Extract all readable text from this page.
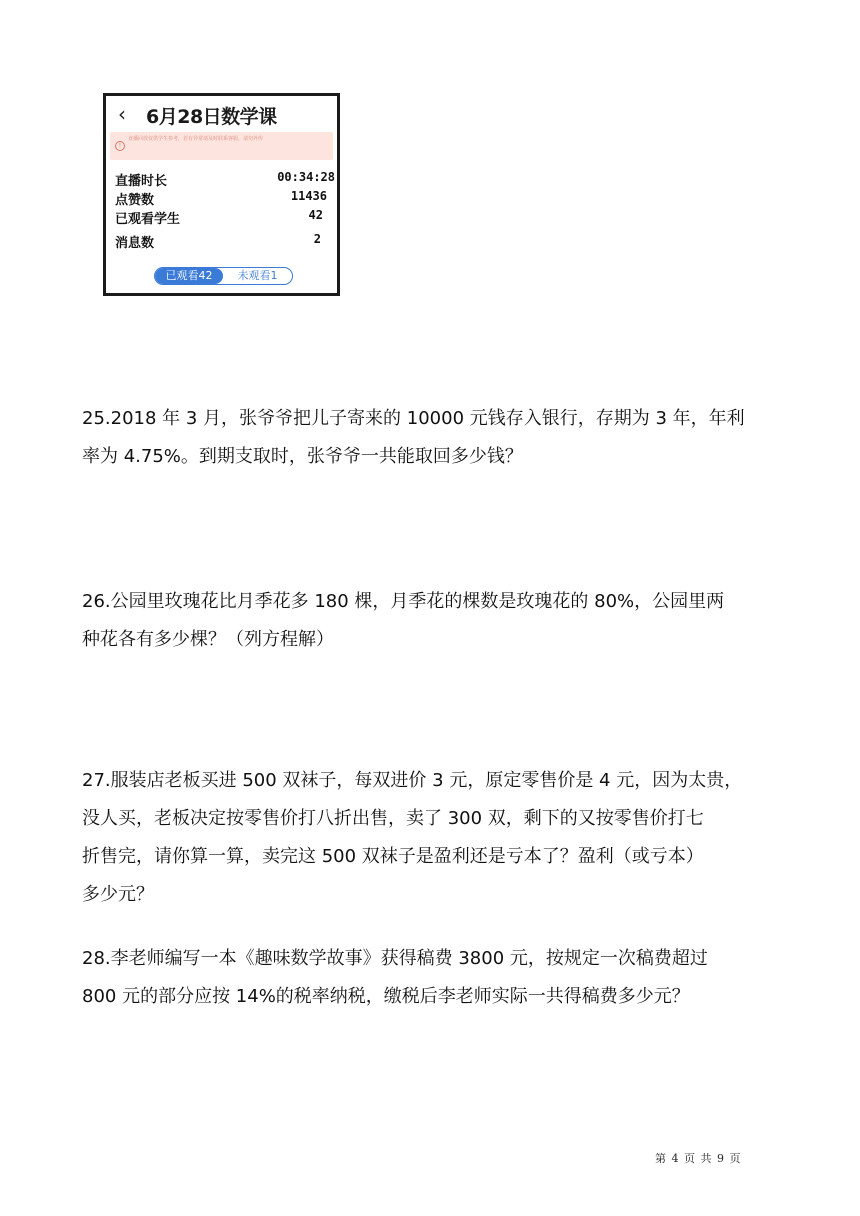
‹ 6月28日数学课
!
直播回放仅供学生参考，若有异常请及时联系客服，请勿外传
直播时长	00:34:28
点赞数	11436
已观看学生	42
消息数	2
已观看42	未观看1
25.2018 年 3 月，张爷爷把儿子寄来的 10000 元钱存入银行，存期为 3 年，年利
率为 4.75%。到期支取时，张爷爷一共能取回多少钱？
26.公园里玫瑰花比月季花多 180 棵，月季花的棵数是玫瑰花的 80%，公园里两
种花各有多少棵？（列方程解）
27.服装店老板买进 500 双袜子，每双进价 3 元，原定零售价是 4 元，因为太贵，
没人买，老板决定按零售价打八折出售，卖了 300 双，剩下的又按零售价打七
折售完，请你算一算，卖完这 500 双袜子是盈利还是亏本了？盈利（或亏本）
多少元？
28.李老师编写一本《趣味数学故事》获得稿费 3800 元，按规定一次稿费超过
800 元的部分应按 14%的税率纳税，缴税后李老师实际一共得稿费多少元？
第 4 页 共 9 页
